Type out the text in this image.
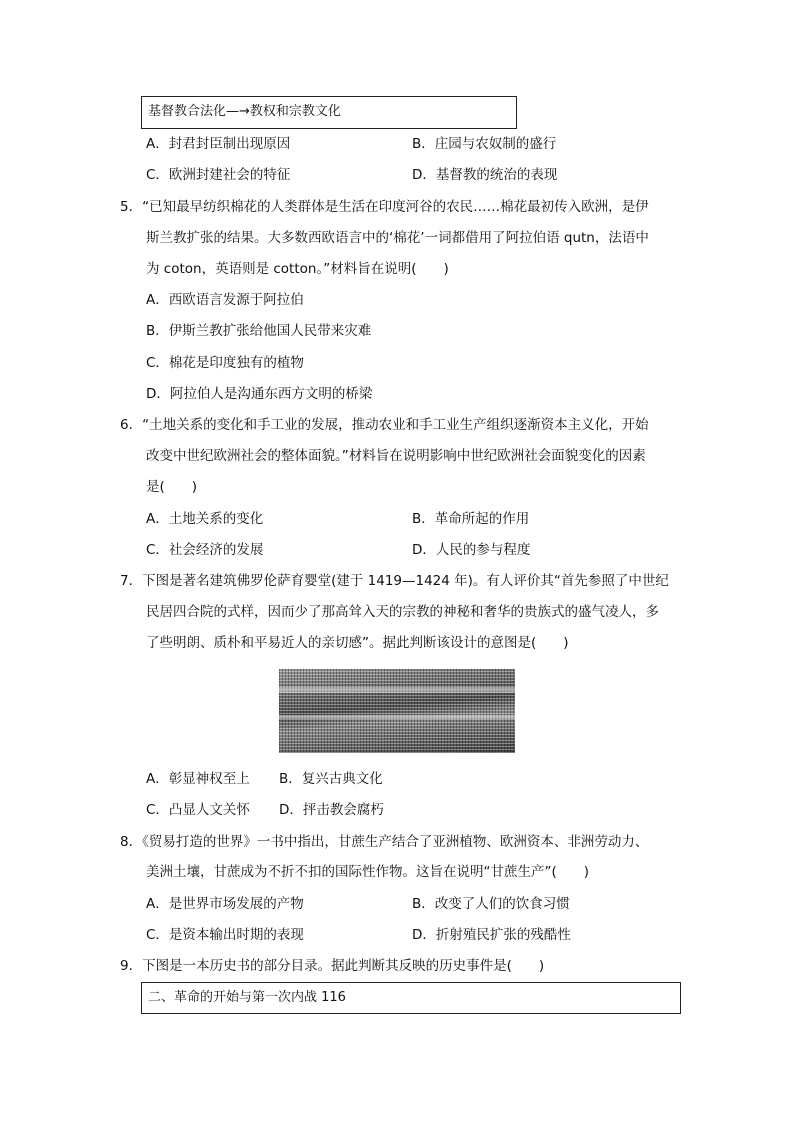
基督教合法化—→教权和宗教文化
A．封君封臣制出现原因	B．庄园与农奴制的盛行
C．欧洲封建社会的特征	D．基督教的统治的表现
5．“已知最早纺织棉花的人类群体是生活在印度河谷的农民……棉花最初传入欧洲，是伊
斯兰教扩张的结果。大多数西欧语言中的‘棉花’一词都借用了阿拉伯语 qutn，法语中
为 coton，英语则是 cotton。”材料旨在说明(　　)
A．西欧语言发源于阿拉伯
B．伊斯兰教扩张给他国人民带来灾难
C．棉花是印度独有的植物
D．阿拉伯人是沟通东西方文明的桥梁
6．“土地关系的变化和手工业的发展，推动农业和手工业生产组织逐渐资本主义化，开始
改变中世纪欧洲社会的整体面貌。”材料旨在说明影响中世纪欧洲社会面貌变化的因素
是(　　)
A．土地关系的变化	B．革命所起的作用
C．社会经济的发展	D．人民的参与程度
7．下图是著名建筑佛罗伦萨育婴堂(建于 1419—1424 年)。有人评价其“首先参照了中世纪
民居四合院的式样，因而少了那高耸入天的宗教的神秘和奢华的贵族式的盛气凌人，多
了些明朗、质朴和平易近人的亲切感”。据此判断该设计的意图是(　　)
A．彰显神权至上 B．复兴古典文化
C．凸显人文关怀 D．抨击教会腐朽
8．《贸易打造的世界》一书中指出，甘蔗生产结合了亚洲植物、欧洲资本、非洲劳动力、
美洲土壤，甘蔗成为不折不扣的国际性作物。这旨在说明“甘蔗生产”(　　)
A．是世界市场发展的产物	B．改变了人们的饮食习惯
C．是资本输出时期的表现	D．折射殖民扩张的残酷性
9．下图是一本历史书的部分目录。据此判断其反映的历史事件是(　　)
二、革命的开始与第一次内战 116
